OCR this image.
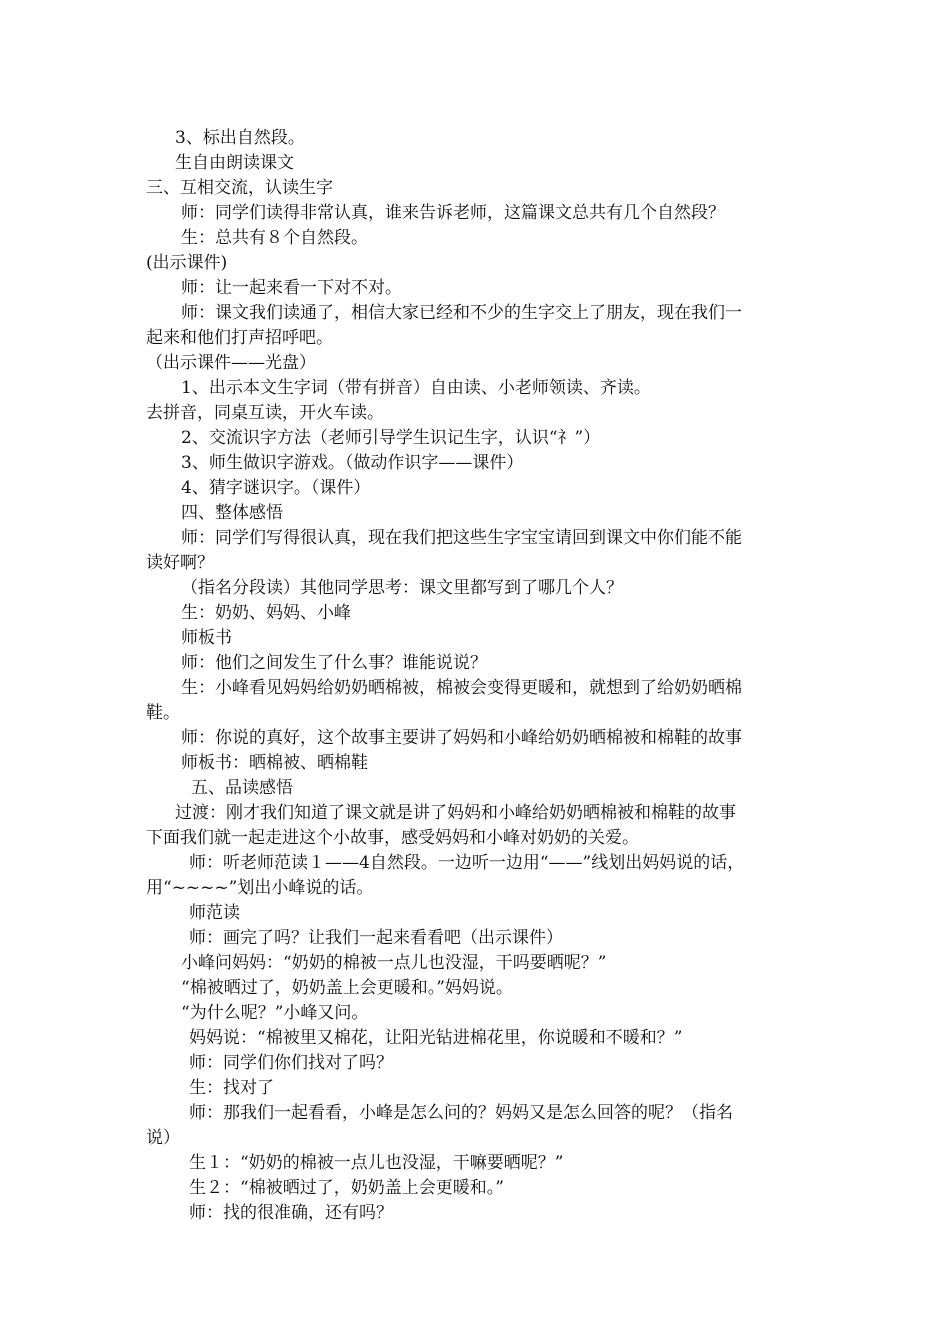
3、标出自然段。
生自由朗读课文
三、互相交流，认读生字
师：同学们读得非常认真，谁来告诉老师，这篇课文总共有几个自然段？
生：总共有８个自然段。
(出示课件)
师：让一起来看一下对不对。
师：课文我们读通了，相信大家已经和不少的生字交上了朋友，现在我们一
起来和他们打声招呼吧。
（出示课件——光盘）
1、出示本文生字词（带有拼音）自由读、小老师领读、齐读。
去拼音，同桌互读，开火车读。
2、交流识字方法（老师引导学生识记生字，认识“礻”）
3、师生做识字游戏。（做动作识字——课件）
4、猜字谜识字。（课件）
四、整体感悟
师：同学们写得很认真，现在我们把这些生字宝宝请回到课文中你们能不能
读好啊？
（指名分段读）其他同学思考：课文里都写到了哪几个人？
生：奶奶、妈妈、小峰
师板书
师：他们之间发生了什么事？谁能说说？
生：小峰看见妈妈给奶奶晒棉被，棉被会变得更暖和，就想到了给奶奶晒棉
鞋。
师：你说的真好，这个故事主要讲了妈妈和小峰给奶奶晒棉被和棉鞋的故事
师板书：晒棉被、晒棉鞋
五、品读感悟
过渡：刚才我们知道了课文就是讲了妈妈和小峰给奶奶晒棉被和棉鞋的故事
下面我们就一起走进这个小故事，感受妈妈和小峰对奶奶的关爱。
师：听老师范读１——4自然段。一边听一边用“——”线划出妈妈说的话，
用“~~~~”划出小峰说的话。
师范读
师：画完了吗？让我们一起来看看吧（出示课件）
小峰问妈妈：“奶奶的棉被一点儿也没湿，干吗要晒呢？”
“棉被晒过了，奶奶盖上会更暖和。”妈妈说。
“为什么呢？”小峰又问。
妈妈说：“棉被里又棉花，让阳光钻进棉花里，你说暖和不暖和？”
师：同学们你们找对了吗？
生：找对了
师：那我们一起看看，小峰是怎么问的？妈妈又是怎么回答的呢？（指名
说）
生１：“奶奶的棉被一点儿也没湿，干嘛要晒呢？”
生２：“棉被晒过了，奶奶盖上会更暖和。”
师：找的很准确，还有吗？
